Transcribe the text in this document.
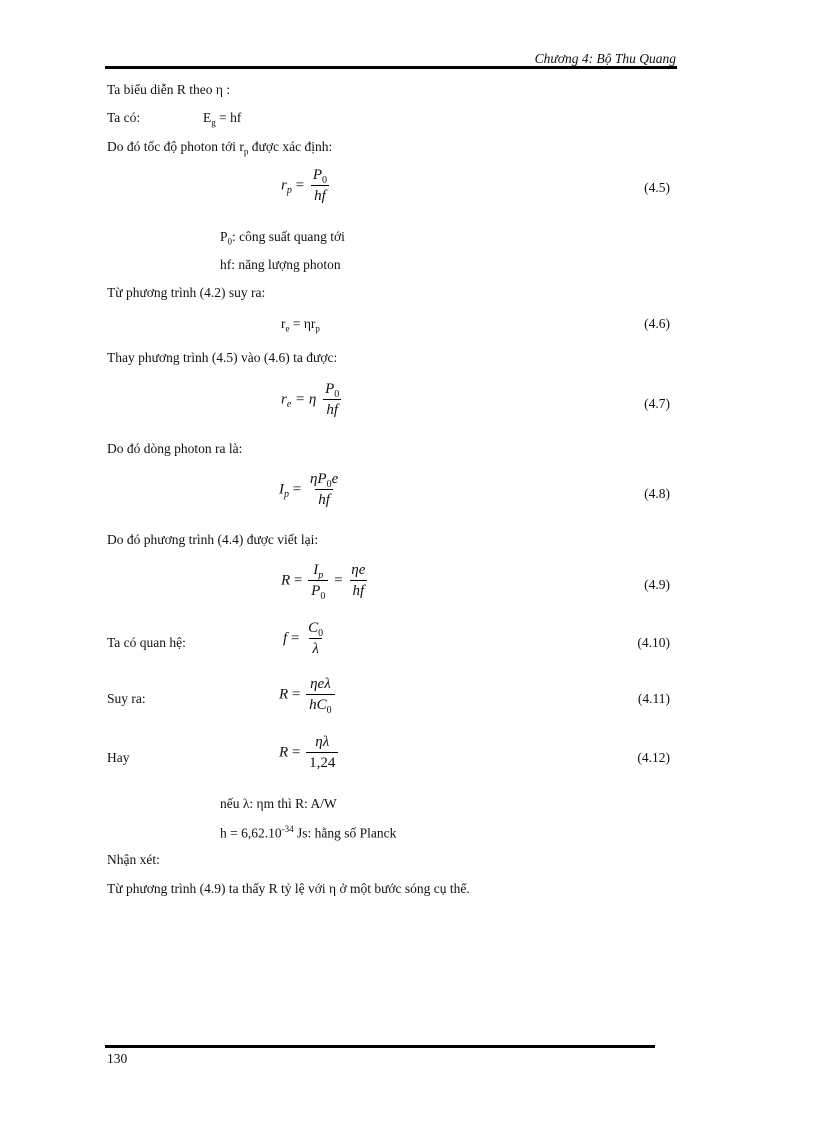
Chương 4: Bộ Thu Quang
Ta biểu diễn R theo η :
Ta có:	$E_g$ = hf
Do đó tốc độ photon tới $r_p$ được xác định:
$r_p = \frac{P_0}{hf}$	(4.5)
$P_0$: công suất quang tới
hf: năng lượng photon
Từ phương trình (4.2) suy ra:
$r_e = \eta r_p$	(4.6)
Thay phương trình (4.5) vào (4.6) ta được:
$r_e = \eta \frac{P_0}{hf}$	(4.7)
Do đó dòng photon ra là:
$I_p = \frac{\eta P_0e}{hf}$	(4.8)
Do đó phương trình (4.4) được viết lại:
$R = \frac{I_p}{P_0} = \frac{\eta e}{hf}$	(4.9)
Ta có quan hệ:	$f = \frac{C_0}{\lambda}$	(4.10)
Suy ra:	$R = \frac{\text{ηeλ}}{hC_0}$	(4.11)
Hay	$R = \frac{\eta\lambda}{1,24}$	(4.12)
nếu λ: ηm thì R: A/W
$h = 6,62.10^{-34}$ Js: hằng số Planck
Nhận xét:
Từ phương trình (4.9) ta thấy R tỷ lệ với η ở một bước sóng cụ thể.
130
